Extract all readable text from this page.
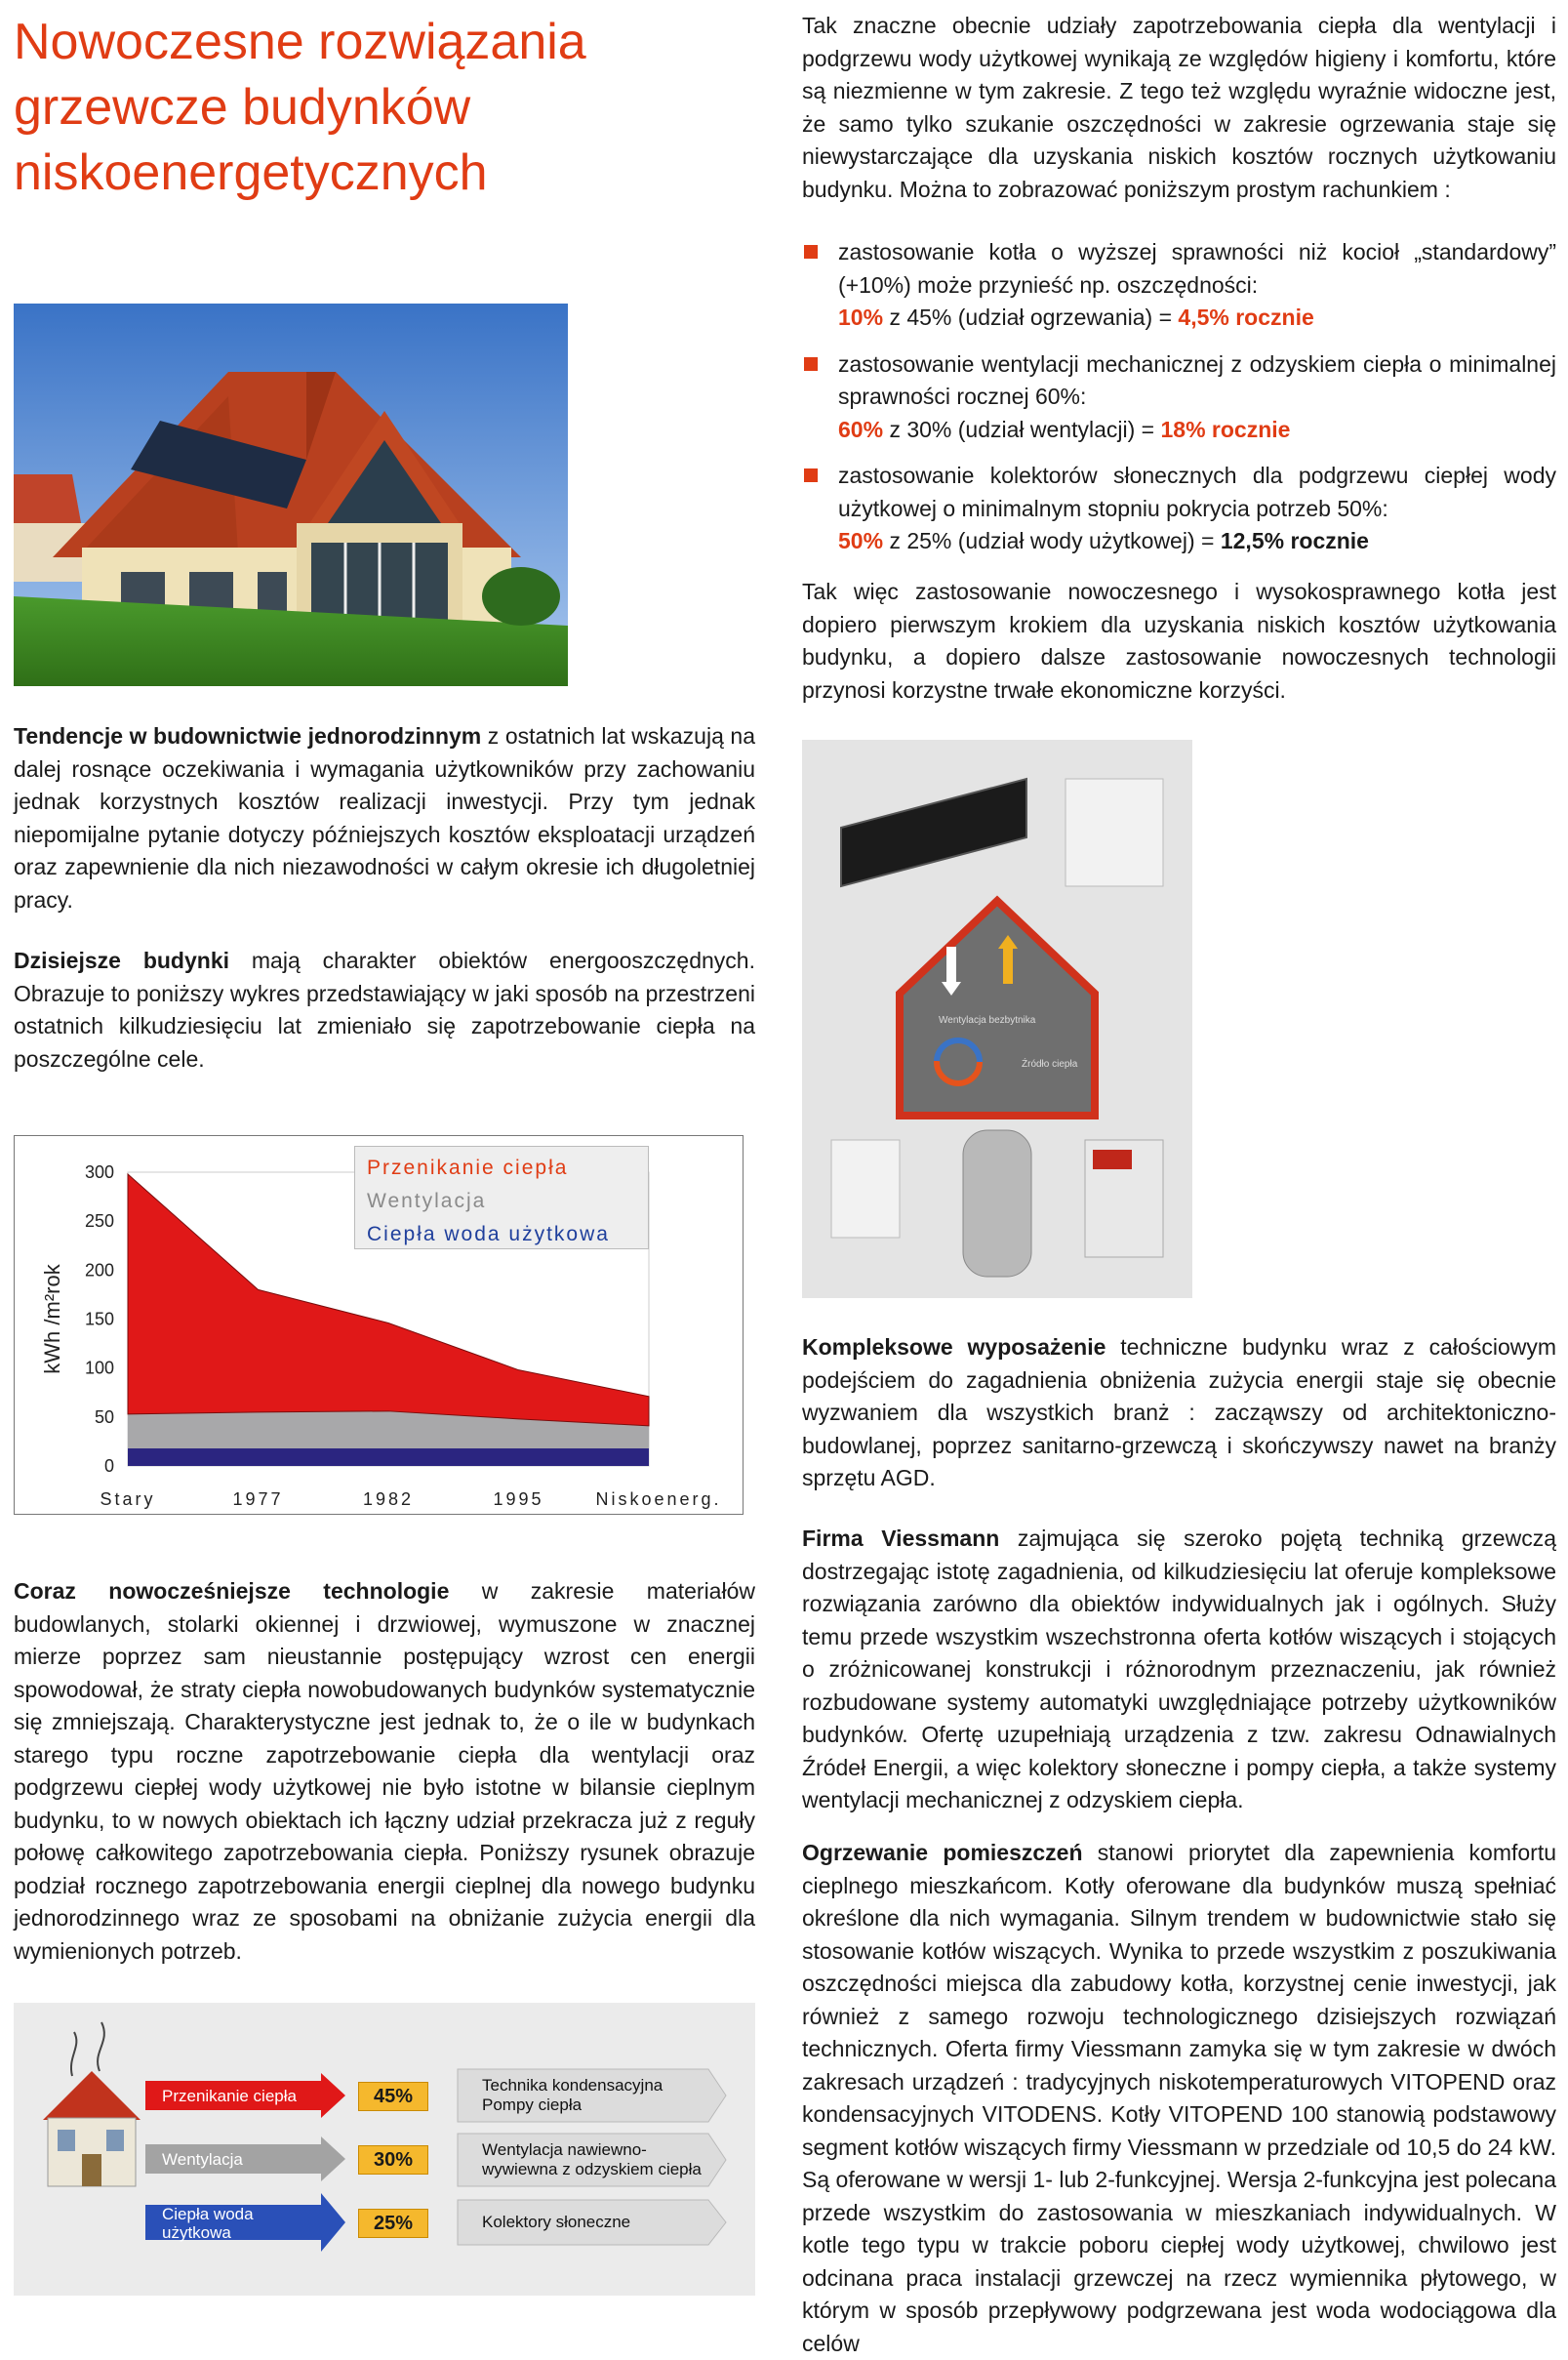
Nowoczesne rozwiązania
grzewcze budynków
niskoenergetycznych
Tak znaczne obecnie udziały zapotrzebowania ciepła dla wentylacji i podgrzewu wody użytkowej wynikają ze względów higieny i komfortu, które są niezmienne w tym zakresie. Z tego też względu wyraźnie widoczne jest, że samo tylko szukanie oszczędności w zakresie ogrzewania staje się niewystarczające dla uzyskania niskich kosztów rocznych użytkowaniu budynku. Można to zobrazować poniższym prostym rachunkiem :
zastosowanie kotła o wyższej sprawności niż kocioł „standardowy” (+10%) może przynieść np. oszczędności:
10% z 45% (udział ogrzewania) = 4,5% rocznie
zastosowanie wentylacji mechanicznej z odzyskiem ciepła o minimalnej sprawności rocznej 60%:
60% z 30% (udział wentylacji) = 18% rocznie
zastosowanie kolektorów słonecznych dla podgrzewu ciepłej wody użytkowej o minimalnym stopniu pokrycia potrzeb 50%:
50% z 25% (udział wody użytkowej) = 12,5% rocznie
Tak więc zastosowanie nowoczesnego i wysokosprawnego kotła jest dopiero pierwszym krokiem dla uzyskania niskich kosztów użytkowania budynku, a dopiero dalsze zastosowanie nowoczesnych technologii przynosi korzystne trwałe ekonomiczne korzyści.
Tendencje w budownictwie jednorodzinnym z ostatnich lat wskazują na dalej rosnące oczekiwania i wymagania użytkowników przy zachowaniu jednak korzystnych kosztów realizacji inwestycji. Przy tym jednak niepomijalne pytanie dotyczy późniejszych kosztów eksploatacji urządzeń oraz zapewnienie dla nich niezawodności w całym okresie ich długoletniej pracy.
Dzisiejsze budynki mają charakter obiektów energooszczędnych. Obrazuje to poniższy wykres przedstawiający w jaki sposób na przestrzeni ostatnich kilkudziesięciu lat zmieniało się zapotrzebowanie ciepła na poszczególne cele.
Wentylacja bezbytnika
Źródło ciepła
0
50
100
150
200
250
300
Stary	1977	1982	1995	Niskoenerg.
kWh /m²rok
Przenikanie ciepła
Wentylacja
Ciepła woda użytkowa
Coraz nowocześniejsze technologie w zakresie materiałów budowlanych, stolarki okiennej i drzwiowej, wymuszone w znacznej mierze poprzez sam nieustannie postępujący wzrost cen energii spowodował, że straty ciepła nowobudowanych budynków systematycznie się zmniejszają. Charakterystyczne jest jednak to, że o ile w budynkach starego typu roczne zapotrzebowanie ciepła dla wentylacji oraz podgrzewu ciepłej wody użytkowej nie było istotne w bilansie cieplnym budynku, to w nowych obiektach ich łączny udział przekracza już z reguły połowę całkowitego zapotrzebowania ciepła. Poniższy rysunek obrazuje podział rocznego zapotrzebowania energii cieplnej dla nowego budynku jednorodzinnego wraz ze sposobami na obniżanie zużycia energii dla wymienionych potrzeb.
Przenikanie ciepła
Wentylacja
Ciepła woda
użytkowa
45%
30%
25%
Technika kondensacyjna
Pompy ciepła
Wentylacja nawiewno-
wywiewna z odzyskiem ciepła
Kolektory słoneczne
Kompleksowe wyposażenie techniczne budynku wraz z całościowym podejściem do zagadnienia obniżenia zużycia energii staje się obecnie wyzwaniem dla wszystkich branż : zacząwszy od architektoniczno-budowlanej, poprzez sanitarno-grzewczą i skończywszy nawet na branży sprzętu AGD.
Firma Viessmann zajmująca się szeroko pojętą techniką grzewczą dostrzegając istotę zagadnienia, od kilkudziesięciu lat oferuje kompleksowe rozwiązania zarówno dla obiektów indywidualnych jak i ogólnych. Służy temu przede wszystkim wszechstronna oferta kotłów wiszących i stojących o zróżnicowanej konstrukcji i różnorodnym przeznaczeniu, jak również rozbudowane systemy automatyki uwzględniające potrzeby użytkowników budynków. Ofertę uzupełniają urządzenia z tzw. zakresu Odnawialnych Źródeł Energii, a więc kolektory słoneczne i pompy ciepła, a także systemy wentylacji mechanicznej z odzyskiem ciepła.
Ogrzewanie pomieszczeń stanowi priorytet dla zapewnienia komfortu cieplnego mieszkańcom. Kotły oferowane dla budynków muszą spełniać określone dla nich wymagania. Silnym trendem w budownictwie stało się stosowanie kotłów wiszących. Wynika to przede wszystkim z poszukiwania oszczędności miejsca dla zabudowy kotła, korzystnej cenie inwestycji, jak również z samego rozwoju technologicznego dzisiejszych rozwiązań technicznych. Oferta firmy Viessmann zamyka się w tym zakresie w dwóch zakresach urządzeń : tradycyjnych niskotemperaturowych VITOPEND oraz kondensacyjnych VITODENS. Kotły VITOPEND 100 stanowią podstawowy segment kotłów wiszących firmy Viessmann w przedziale od 10,5 do 24 kW. Są oferowane w wersji 1- lub 2-funkcyjnej. Wersja 2-funkcyjna jest polecana przede wszystkim do zastosowania w mieszkaniach indywidualnych. W kotle tego typu w trakcie poboru ciepłej wody użytkowej, chwilowo jest odcinana praca instalacji grzewczej na rzecz wymiennika płytowego, w którym w sposób przepływowy podgrzewana jest woda wodociągowa dla celów
